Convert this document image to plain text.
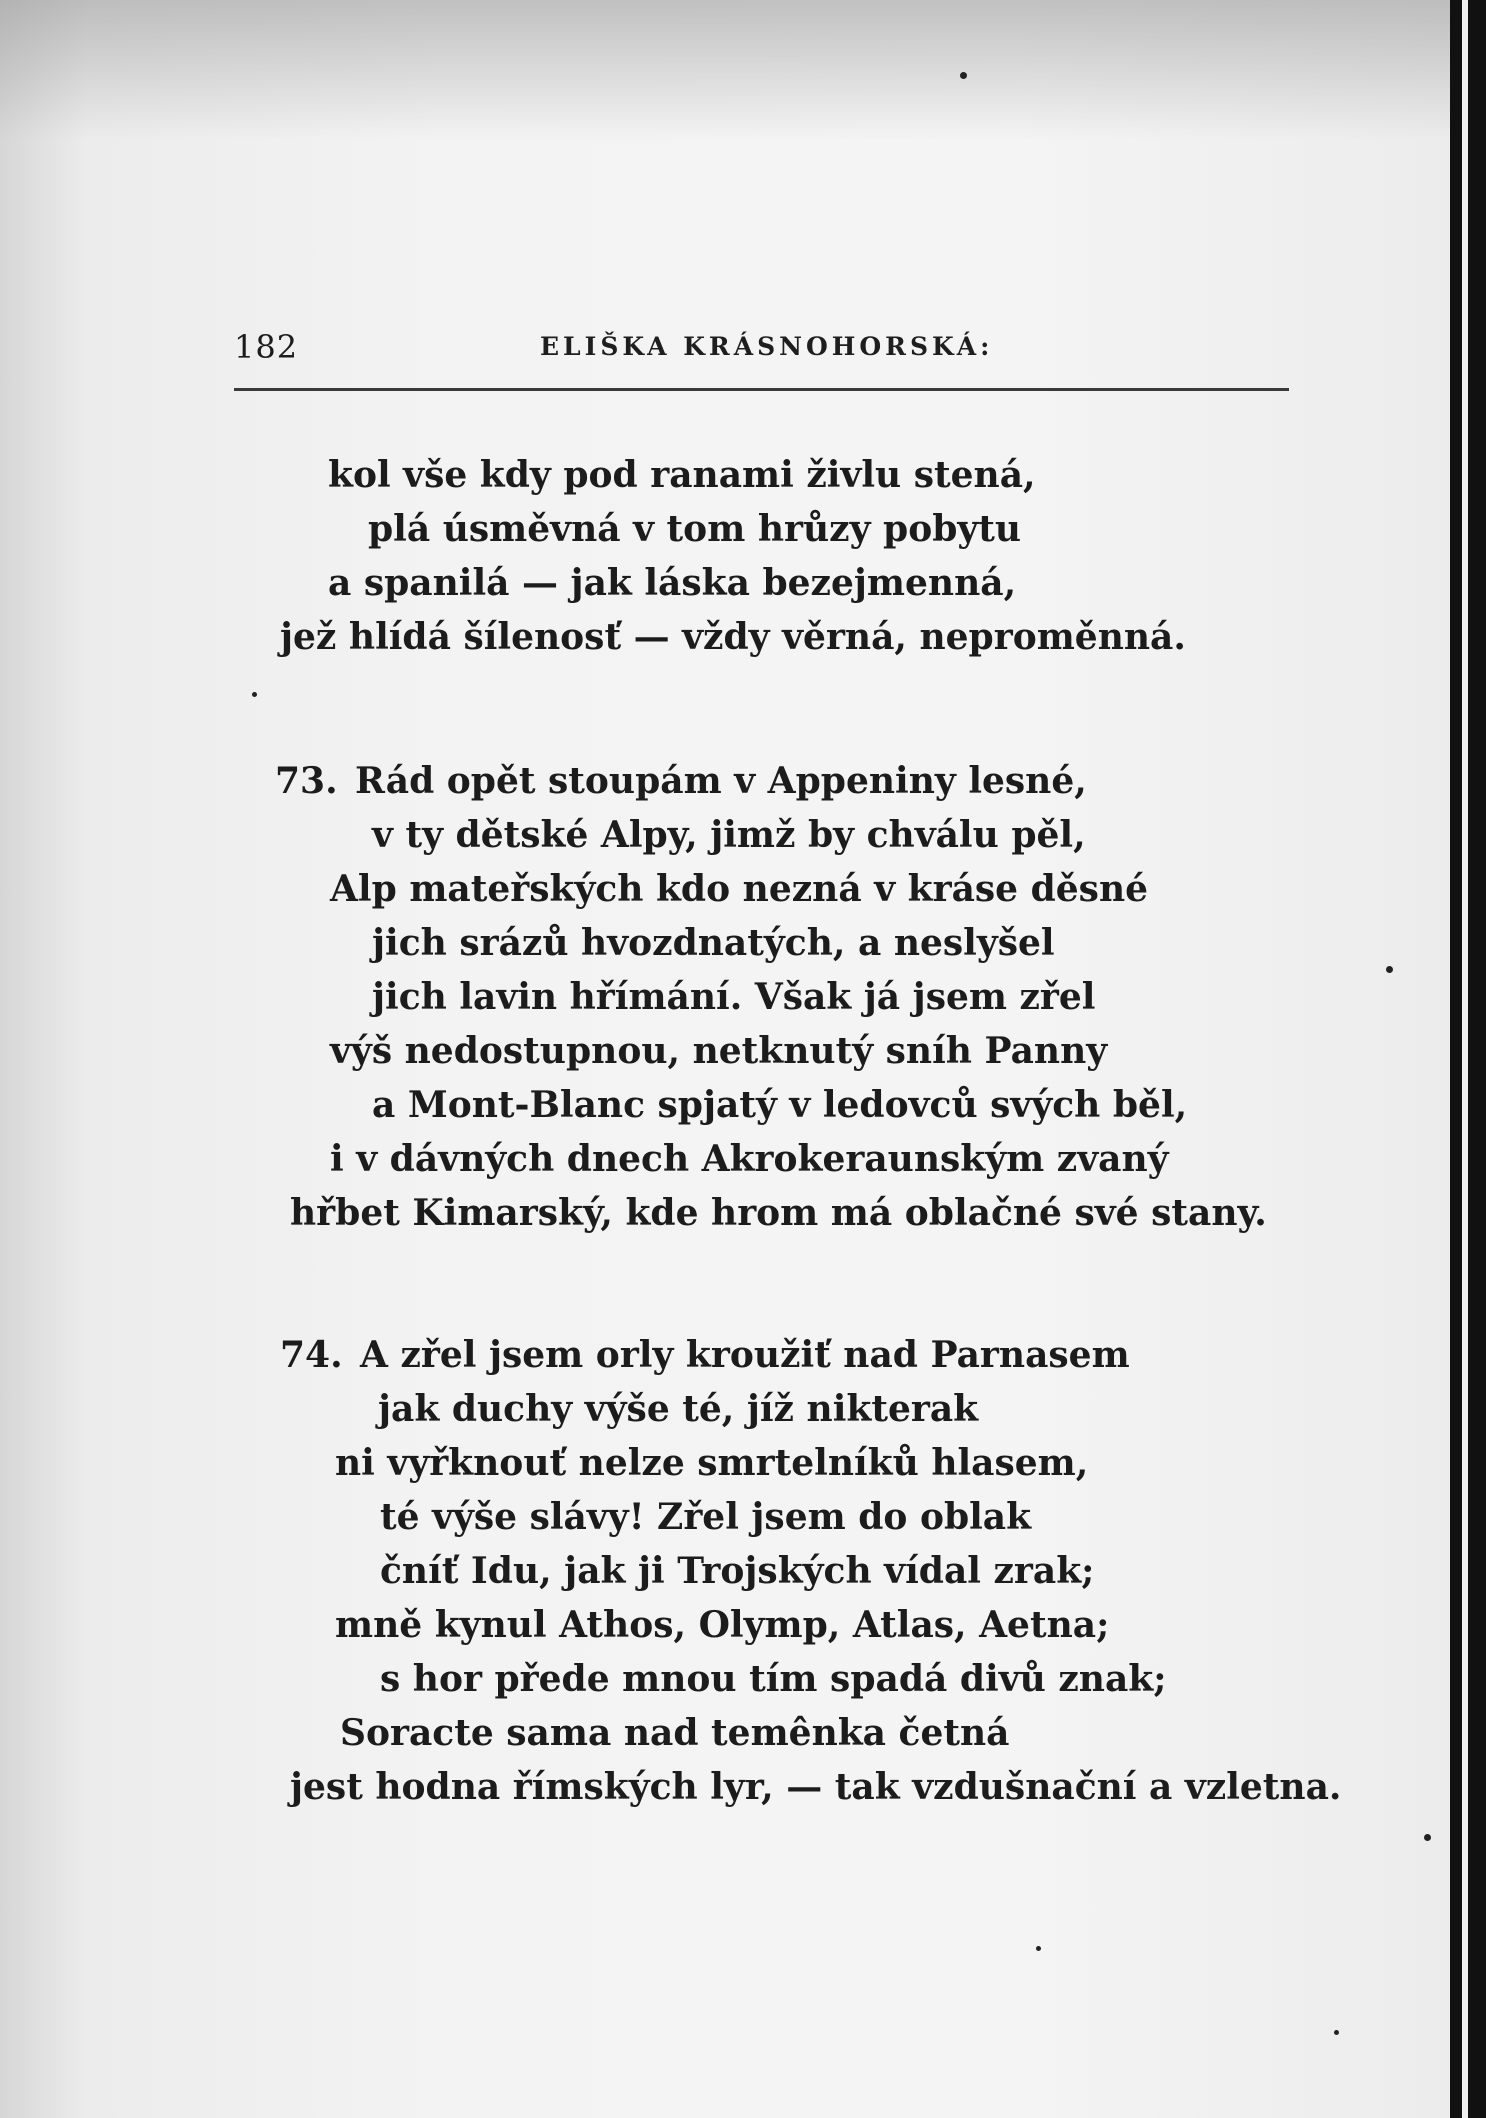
182	ELIŠKA KRÁSNOHORSKÁ:
kol vše kdy pod ranami živlu stená,
plá úsměvná v tom hrůzy pobytu
a spanilá — jak láska bezejmenná,
jež hlídá šílenosť — vždy věrná, neproměnná.
73. Rád opět stoupám v Appeniny lesné,
v ty dětské Alpy, jimž by chválu pěl,
Alp mateřských kdo nezná v kráse děsné
jich srázů hvozdnatých, a neslyšel
jich lavin hřímání. Však já jsem zřel
výš nedostupnou, netknutý sníh Panny
a Mont-Blanc spjatý v ledovců svých běl,
i v dávných dnech Akrokeraunským zvaný
hřbet Kimarský, kde hrom má oblačné své stany.
74. A zřel jsem orly kroužiť nad Parnasem
jak duchy výše té, jíž nikterak
ni vyřknouť nelze smrtelníků hlasem,
té výše slávy! Zřel jsem do oblak
čníť Idu, jak ji Trojských vídal zrak;
mně kynul Athos, Olymp, Atlas, Aetna;
s hor přede mnou tím spadá divů znak;
Soracte sama nad temênka četná
jest hodna římských lyr, — tak vzdušnační a vzletna.
